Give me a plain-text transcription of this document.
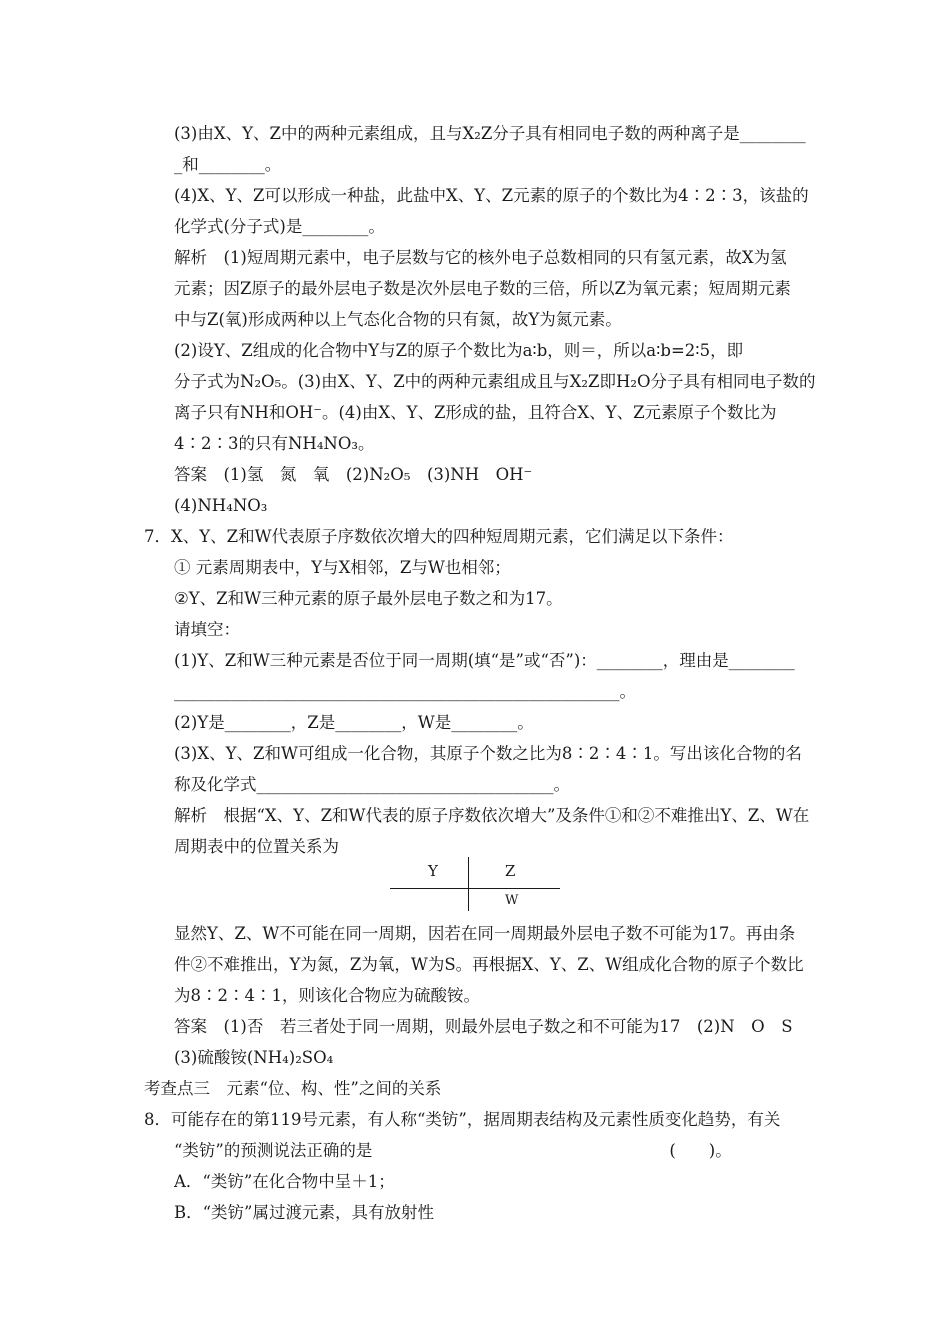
(3)由X、Y、Z中的两种元素组成，且与X₂Z分子具有相同电子数的两种离子是________
_和________。
(4)X、Y、Z可以形成一种盐，此盐中X、Y、Z元素的原子的个数比为4∶2∶3，该盐的
化学式(分子式)是________。
解析　(1)短周期元素中，电子层数与它的核外电子总数相同的只有氢元素，故X为氢
元素；因Z原子的最外层电子数是次外层电子数的三倍，所以Z为氧元素；短周期元素
中与Z(氧)形成两种以上气态化合物的只有氮，故Y为氮元素。
(2)设Y、Z组成的化合物中Y与Z的原子个数比为a∶b，则＝，所以a∶b=2∶5，即
分子式为N₂O₅。(3)由X、Y、Z中的两种元素组成且与X₂Z即H₂O分子具有相同电子数的
离子只有NH和OH⁻。(4)由X、Y、Z形成的盐，且符合X、Y、Z元素原子个数比为
4∶2∶3的只有NH₄NO₃。
答案　(1)氢　氮　氧　(2)N₂O₅　(3)NH　OH⁻
(4)NH₄NO₃
7．X、Y、Z和W代表原子序数依次增大的四种短周期元素，它们满足以下条件：
① 元素周期表中，Y与X相邻，Z与W也相邻；
②Y、Z和W三种元素的原子最外层电子数之和为17。
请填空：
(1)Y、Z和W三种元素是否位于同一周期(填“是”或“否”)：________，理由是________
______________________________________________________。
(2)Y是________，Z是________，W是________。
(3)X、Y、Z和W可组成一化合物，其原子个数之比为8∶2∶4∶1。写出该化合物的名
称及化学式____________________________________。
解析　根据“X、Y、Z和W代表的原子序数依次增大”及条件①和②不难推出Y、Z、W在
周期表中的位置关系为
显然Y、Z、W不可能在同一周期，因若在同一周期最外层电子数不可能为17。再由条
件②不难推出，Y为氮，Z为氧，W为S。再根据X、Y、Z、W组成化合物的原子个数比
为8∶2∶4∶1，则该化合物应为硫酸铵。
答案　(1)否　若三者处于同一周期，则最外层电子数之和不可能为17　(2)N　O　S
(3)硫酸铵(NH₄)₂SO₄
考查点三　元素“位、构、性”之间的关系
8．可能存在的第119号元素，有人称“类钫”，据周期表结构及元素性质变化趋势，有关
“类钫”的预测说法正确的是　　　　　　　　　　　　　　　　　　(　　)。
A．“类钫”在化合物中呈＋1；
B．“类钫”属过渡元素，具有放射性
Y	Z
W
